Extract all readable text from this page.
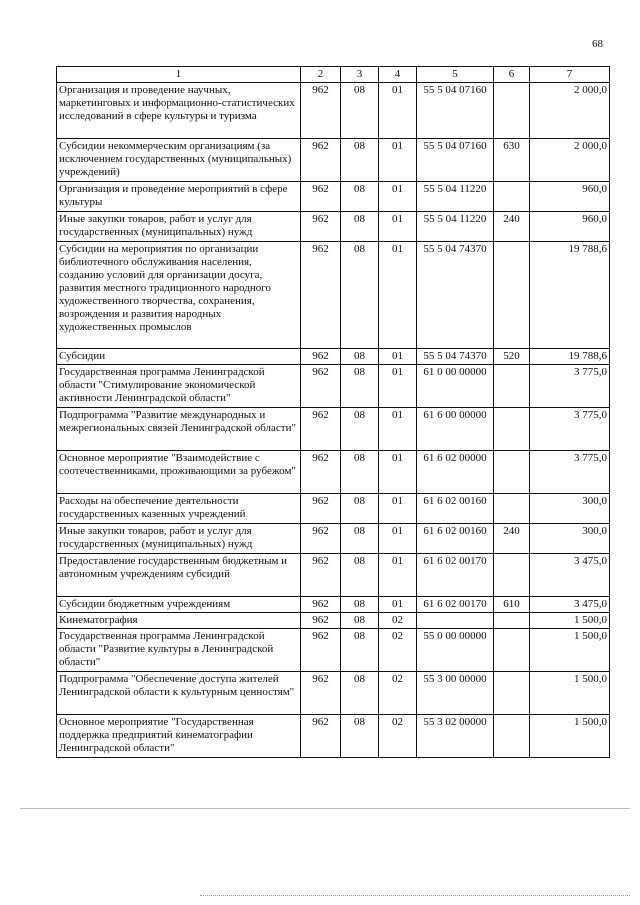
68
1	2	3	4	5	6	7
Организация и проведение научных, маркетинговых и информационно-статистических исследований в сфере культуры и туризма	962	08	01	55 5 04 07160		2 000,0
Субсидии некоммерческим организациям (за исключением государственных (муниципальных) учреждений)	962	08	01	55 5 04 07160	630	2 000,0
Организация и проведение мероприятий в сфере культуры	962	08	01	55 5 04 11220		960,0
Иные закупки товаров, работ и услуг для государственных (муниципальных) нужд	962	08	01	55 5 04 11220	240	960,0
Субсидии на мероприятия по организации библиотечного обслуживания населения, созданию условий для организации досуга, развития местного традиционного народного художественного творчества, сохранения, возрождения и развития народных художественных промыслов	962	08	01	55 5 04 74370		19 788,6
Субсидии	962	08	01	55 5 04 74370	520	19 788,6
Государственная программа Ленинградской области "Стимулирование экономической активности Ленинградской области"	962	08	01	61 0 00 00000		3 775,0
Подпрограмма "Развитие международных и межрегиональных связей Ленинградской области"	962	08	01	61 6 00 00000		3 775,0
Основное мероприятие "Взаимодействие с соотечественниками, проживающими за рубежом"	962	08	01	61 6 02 00000		3 775,0
Расходы на обеспечение деятельности государственных казенных учреждений	962	08	01	61 6 02 00160		300,0
Иные закупки товаров, работ и услуг для государственных (муниципальных) нужд	962	08	01	61 6 02 00160	240	300,0
Предоставление государственным бюджетным и автономным учреждениям субсидий	962	08	01	61 6 02 00170		3 475,0
Субсидии бюджетным учреждениям	962	08	01	61 6 02 00170	610	3 475,0
Кинематография	962	08	02			1 500,0
Государственная программа Ленинградской области "Развитие культуры в Ленинградской области"	962	08	02	55 0 00 00000		1 500,0
Подпрограмма "Обеспечение доступа жителей Ленинградской области к культурным ценностям"	962	08	02	55 3 00 00000		1 500,0
Основное мероприятие "Государственная поддержка предприятий кинематографии Ленинградской области"	962	08	02	55 3 02 00000		1 500,0
